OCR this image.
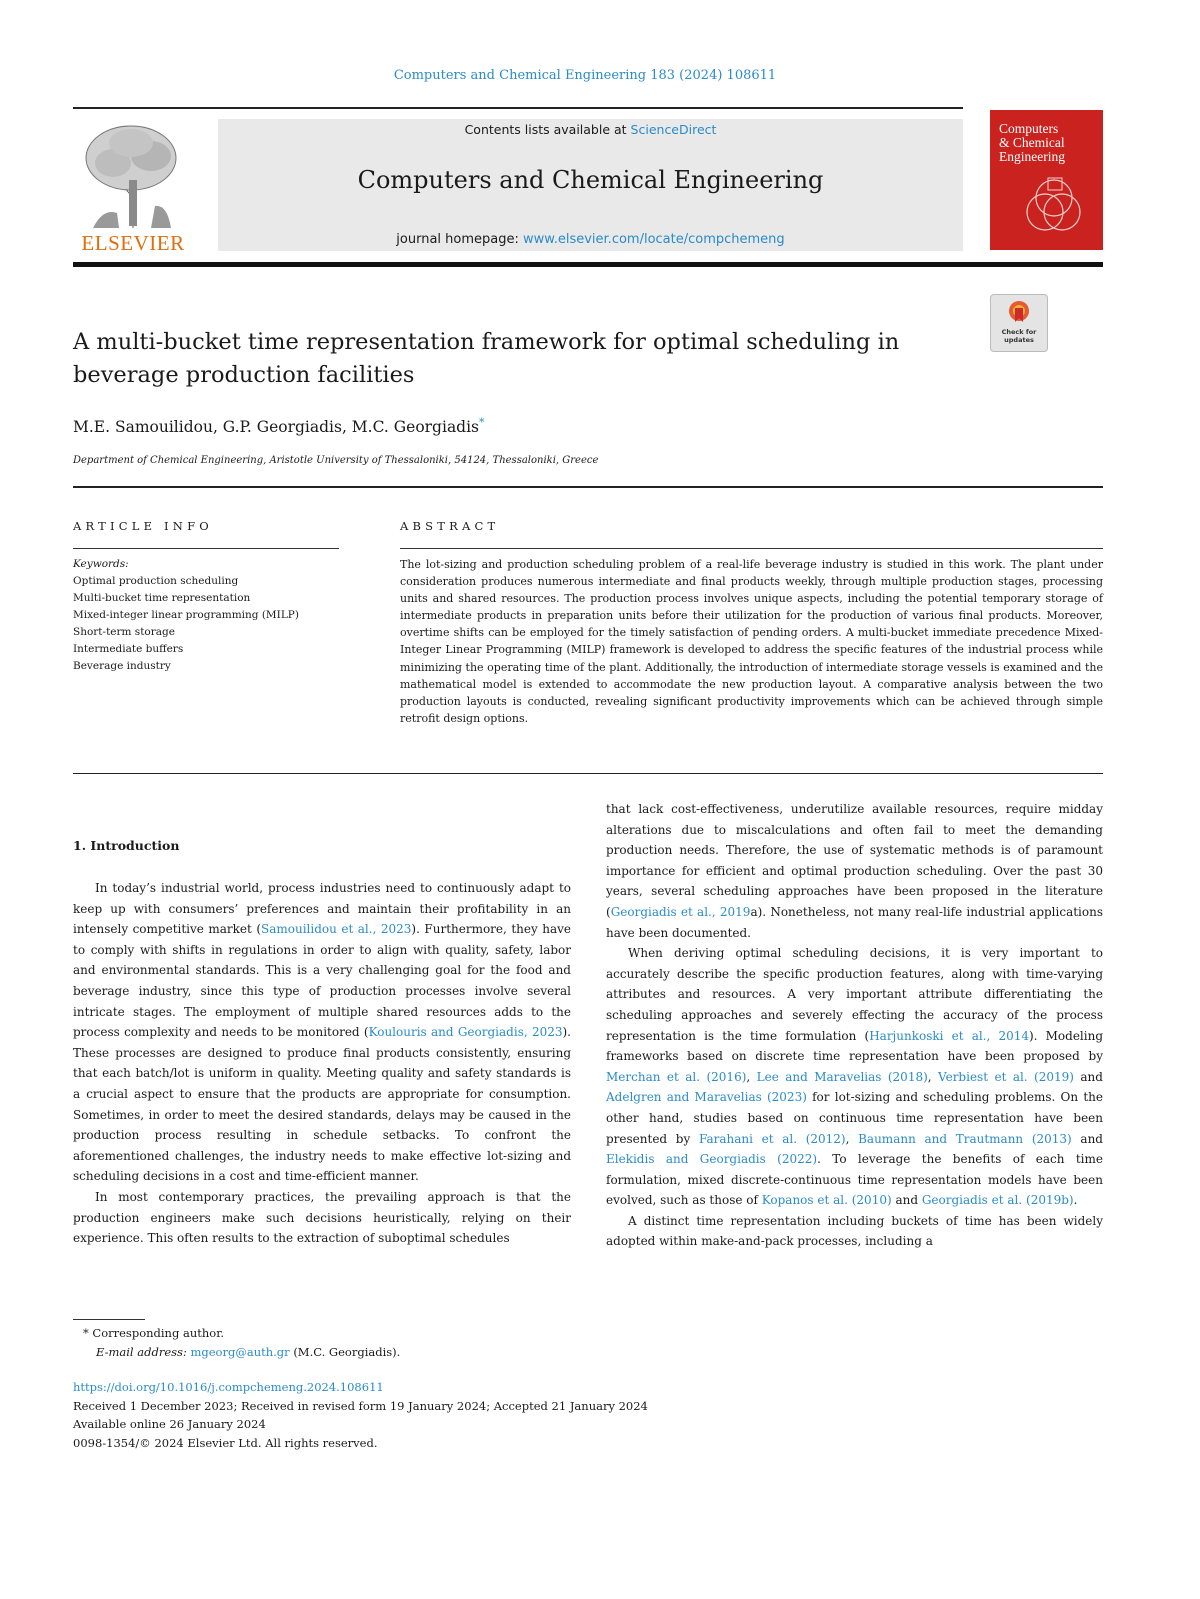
Computers and Chemical Engineering 183 (2024) 108611
ELSEVIER
Contents lists available at ScienceDirect
Computers and Chemical Engineering
journal homepage: www.elsevier.com/locate/compchemeng
Computers
& Chemical
Engineering
Check for updates
A multi-bucket time representation framework for optimal scheduling in beverage production facilities
M.E. Samouilidou, G.P. Georgiadis, M.C. Georgiadis*
Department of Chemical Engineering, Aristotle University of Thessaloniki, 54124, Thessaloniki, Greece
ARTICLE INFO	ABSTRACT
Keywords:
Optimal production scheduling
Multi-bucket time representation
Mixed-integer linear programming (MILP)
Short-term storage
Intermediate buffers
Beverage industry
The lot-sizing and production scheduling problem of a real-life beverage industry is studied in this work. The plant under consideration produces numerous intermediate and final products weekly, through multiple production stages, processing units and shared resources. The production process involves unique aspects, including the potential temporary storage of intermediate products in preparation units before their utilization for the production of various final products. Moreover, overtime shifts can be employed for the timely satisfaction of pending orders. A multi-bucket immediate precedence Mixed-Integer Linear Programming (MILP) framework is developed to address the specific features of the industrial process while minimizing the operating time of the plant. Additionally, the introduction of intermediate storage vessels is examined and the mathematical model is extended to accommodate the new production layout. A comparative analysis between the two production layouts is conducted, revealing significant productivity improvements which can be achieved through simple retrofit design options.
1. Introduction

In today’s industrial world, process industries need to continuously adapt to keep up with consumers’ preferences and maintain their profitability in an intensely competitive market (Samouilidou et al., 2023). Furthermore, they have to comply with shifts in regulations in order to align with quality, safety, labor and environmental standards. This is a very challenging goal for the food and beverage industry, since this type of production processes involve several intricate stages. The employment of multiple shared resources adds to the process complexity and needs to be monitored (Koulouris and Georgiadis, 2023). These processes are designed to produce final products consistently, ensuring that each batch/lot is uniform in quality. Meeting quality and safety standards is a crucial aspect to ensure that the products are appropriate for consumption. Sometimes, in order to meet the desired standards, delays may be caused in the production process resulting in schedule setbacks. To confront the aforementioned challenges, the industry needs to make effective lot-sizing and scheduling decisions in a cost and time-efficient manner.

In most contemporary practices, the prevailing approach is that the production engineers make such decisions heuristically, relying on their experience. This often results to the extraction of suboptimal schedules

that lack cost-effectiveness, underutilize available resources, require midday alterations due to miscalculations and often fail to meet the demanding production needs. Therefore, the use of systematic methods is of paramount importance for efficient and optimal production scheduling. Over the past 30 years, several scheduling approaches have been proposed in the literature (Georgiadis et al., 2019a). Nonetheless, not many real-life industrial applications have been documented.

When deriving optimal scheduling decisions, it is very important to accurately describe the specific production features, along with time-varying attributes and resources. A very important attribute differentiating the scheduling approaches and severely effecting the accuracy of the process representation is the time formulation (Harjunkoski et al., 2014). Modeling frameworks based on discrete time representation have been proposed by Merchan et al. (2016), Lee and Maravelias (2018), Verbiest et al. (2019) and Adelgren and Maravelias (2023) for lot-sizing and scheduling problems. On the other hand, studies based on continuous time representation have been presented by Farahani et al. (2012), Baumann and Trautmann (2013) and Elekidis and Georgiadis (2022). To leverage the benefits of each time formulation, mixed discrete-continuous time representation models have been evolved, such as those of Kopanos et al. (2010) and Georgiadis et al. (2019b).

A distinct time representation including buckets of time has been widely adopted within make-and-pack processes, including a

* Corresponding author.
E-mail address: mgeorg@auth.gr (M.C. Georgiadis).
https://doi.org/10.1016/j.compchemeng.2024.108611
Received 1 December 2023; Received in revised form 19 January 2024; Accepted 21 January 2024
Available online 26 January 2024
0098-1354/© 2024 Elsevier Ltd. All rights reserved.
